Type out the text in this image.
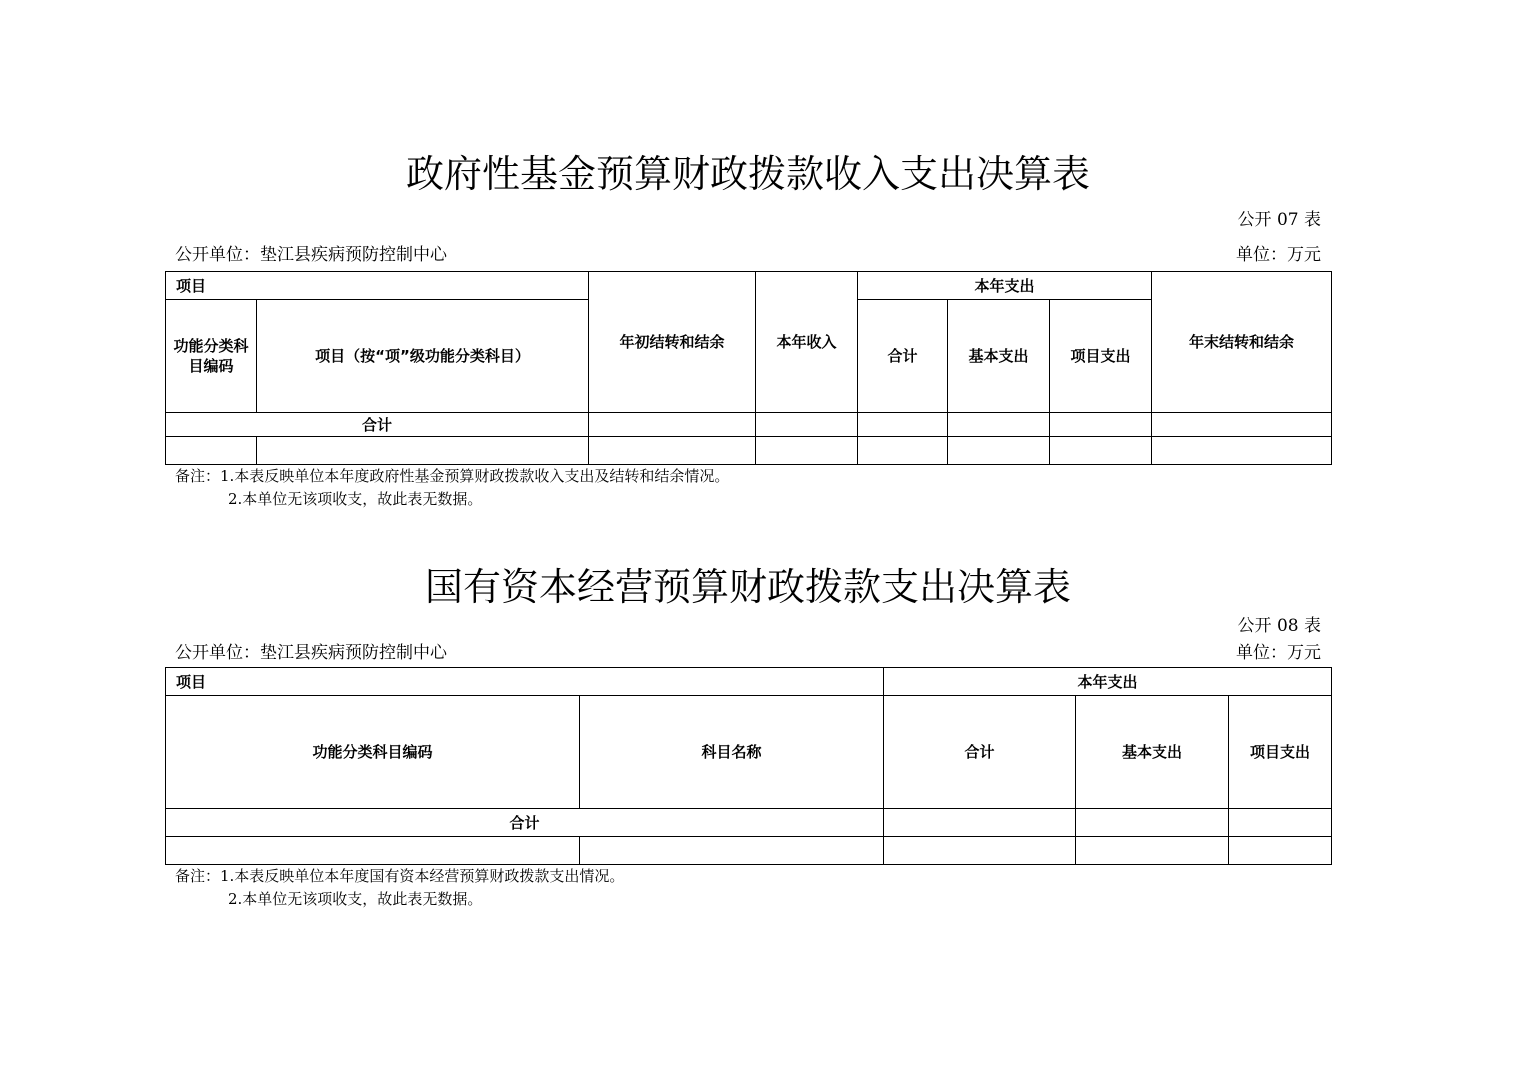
政府性基金预算财政拨款收入支出决算表
公开 07 表
公开单位：垫江县疾病预防控制中心	单位：万元
项目		年初结转和结余	本年收入	本年支出			年末结转和结余
功能分类科目编码	项目（按“项”级功能分类科目）			合计	基本支出	项目支出	
合计							

备注：1.本表反映单位本年度政府性基金预算财政拨款收入支出及结转和结余情况。
2.本单位无该项收支，故此表无数据。
国有资本经营预算财政拨款支出决算表
公开 08 表
公开单位：垫江县疾病预防控制中心	单位：万元
项目		本年支出		
功能分类科目编码	科目名称	合计	基本支出	项目支出
合计				

备注：1.本表反映单位本年度国有资本经营预算财政拨款支出情况。
2.本单位无该项收支，故此表无数据。
